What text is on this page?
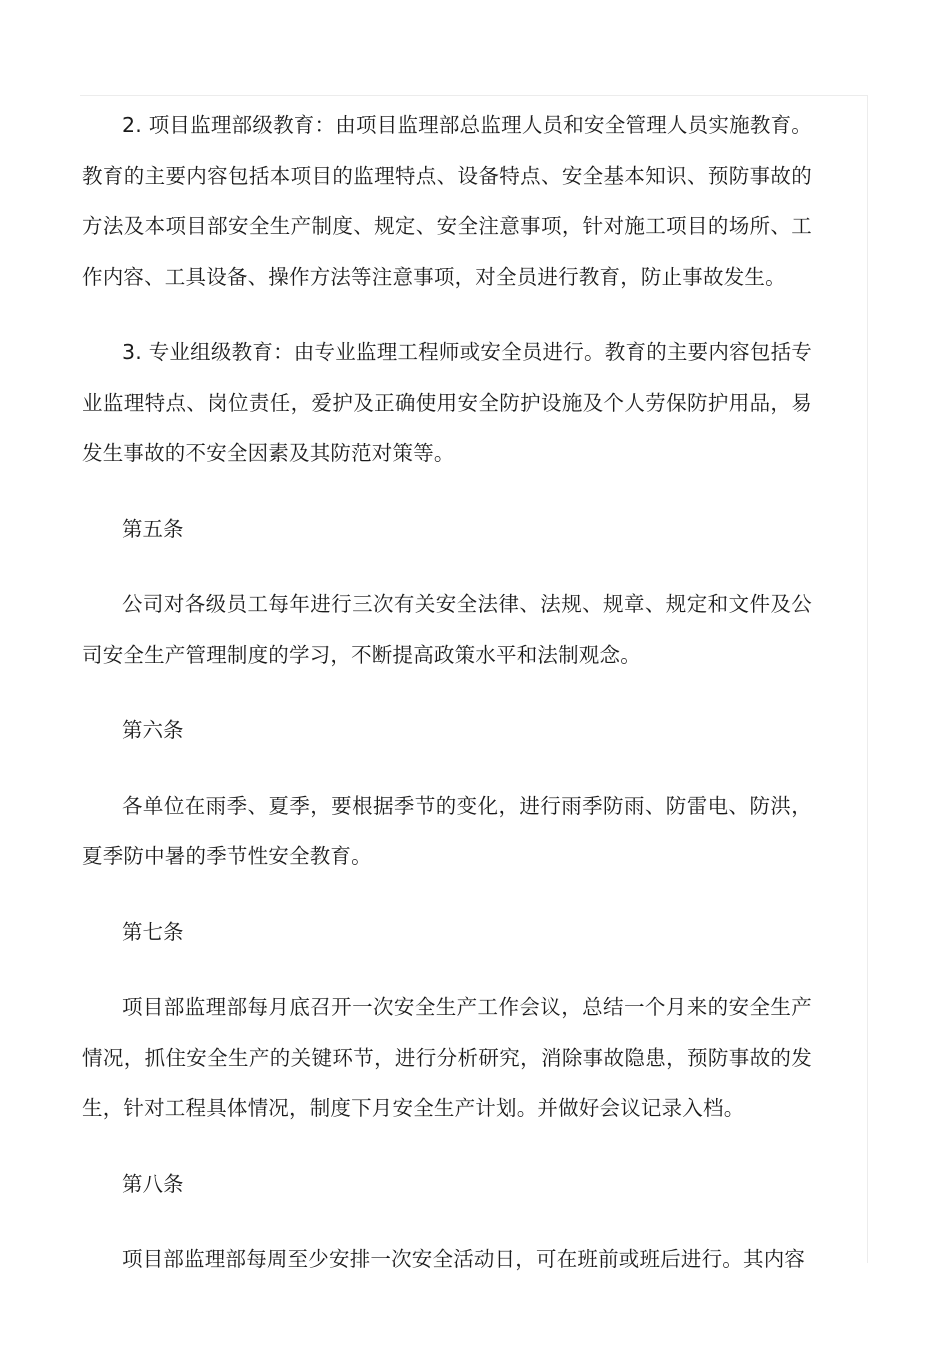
2. 项目监理部级教育：由项目监理部总监理人员和安全管理人员实施教育。教育的主要内容包括本项目的监理特点、设备特点、安全基本知识、预防事故的方法及本项目部安全生产制度、规定、安全注意事项，针对施工项目的场所、工作内容、工具设备、操作方法等注意事项，对全员进行教育，防止事故发生。

3. 专业组级教育：由专业监理工程师或安全员进行。教育的主要内容包括专业监理特点、岗位责任，爱护及正确使用安全防护设施及个人劳保防护用品，易发生事故的不安全因素及其防范对策等。

第五条

公司对各级员工每年进行三次有关安全法律、法规、规章、规定和文件及公司安全生产管理制度的学习，不断提高政策水平和法制观念。

第六条

各单位在雨季、夏季，要根据季节的变化，进行雨季防雨、防雷电、防洪，夏季防中暑的季节性安全教育。

第七条

项目部监理部每月底召开一次安全生产工作会议，总结一个月来的安全生产情况，抓住安全生产的关键环节，进行分析研究，消除事故隐患，预防事故的发生，针对工程具体情况，制度下月安全生产计划。并做好会议记录入档。

第八条

项目部监理部每周至少安排一次安全活动日，可在班前或班后进行。其内容
